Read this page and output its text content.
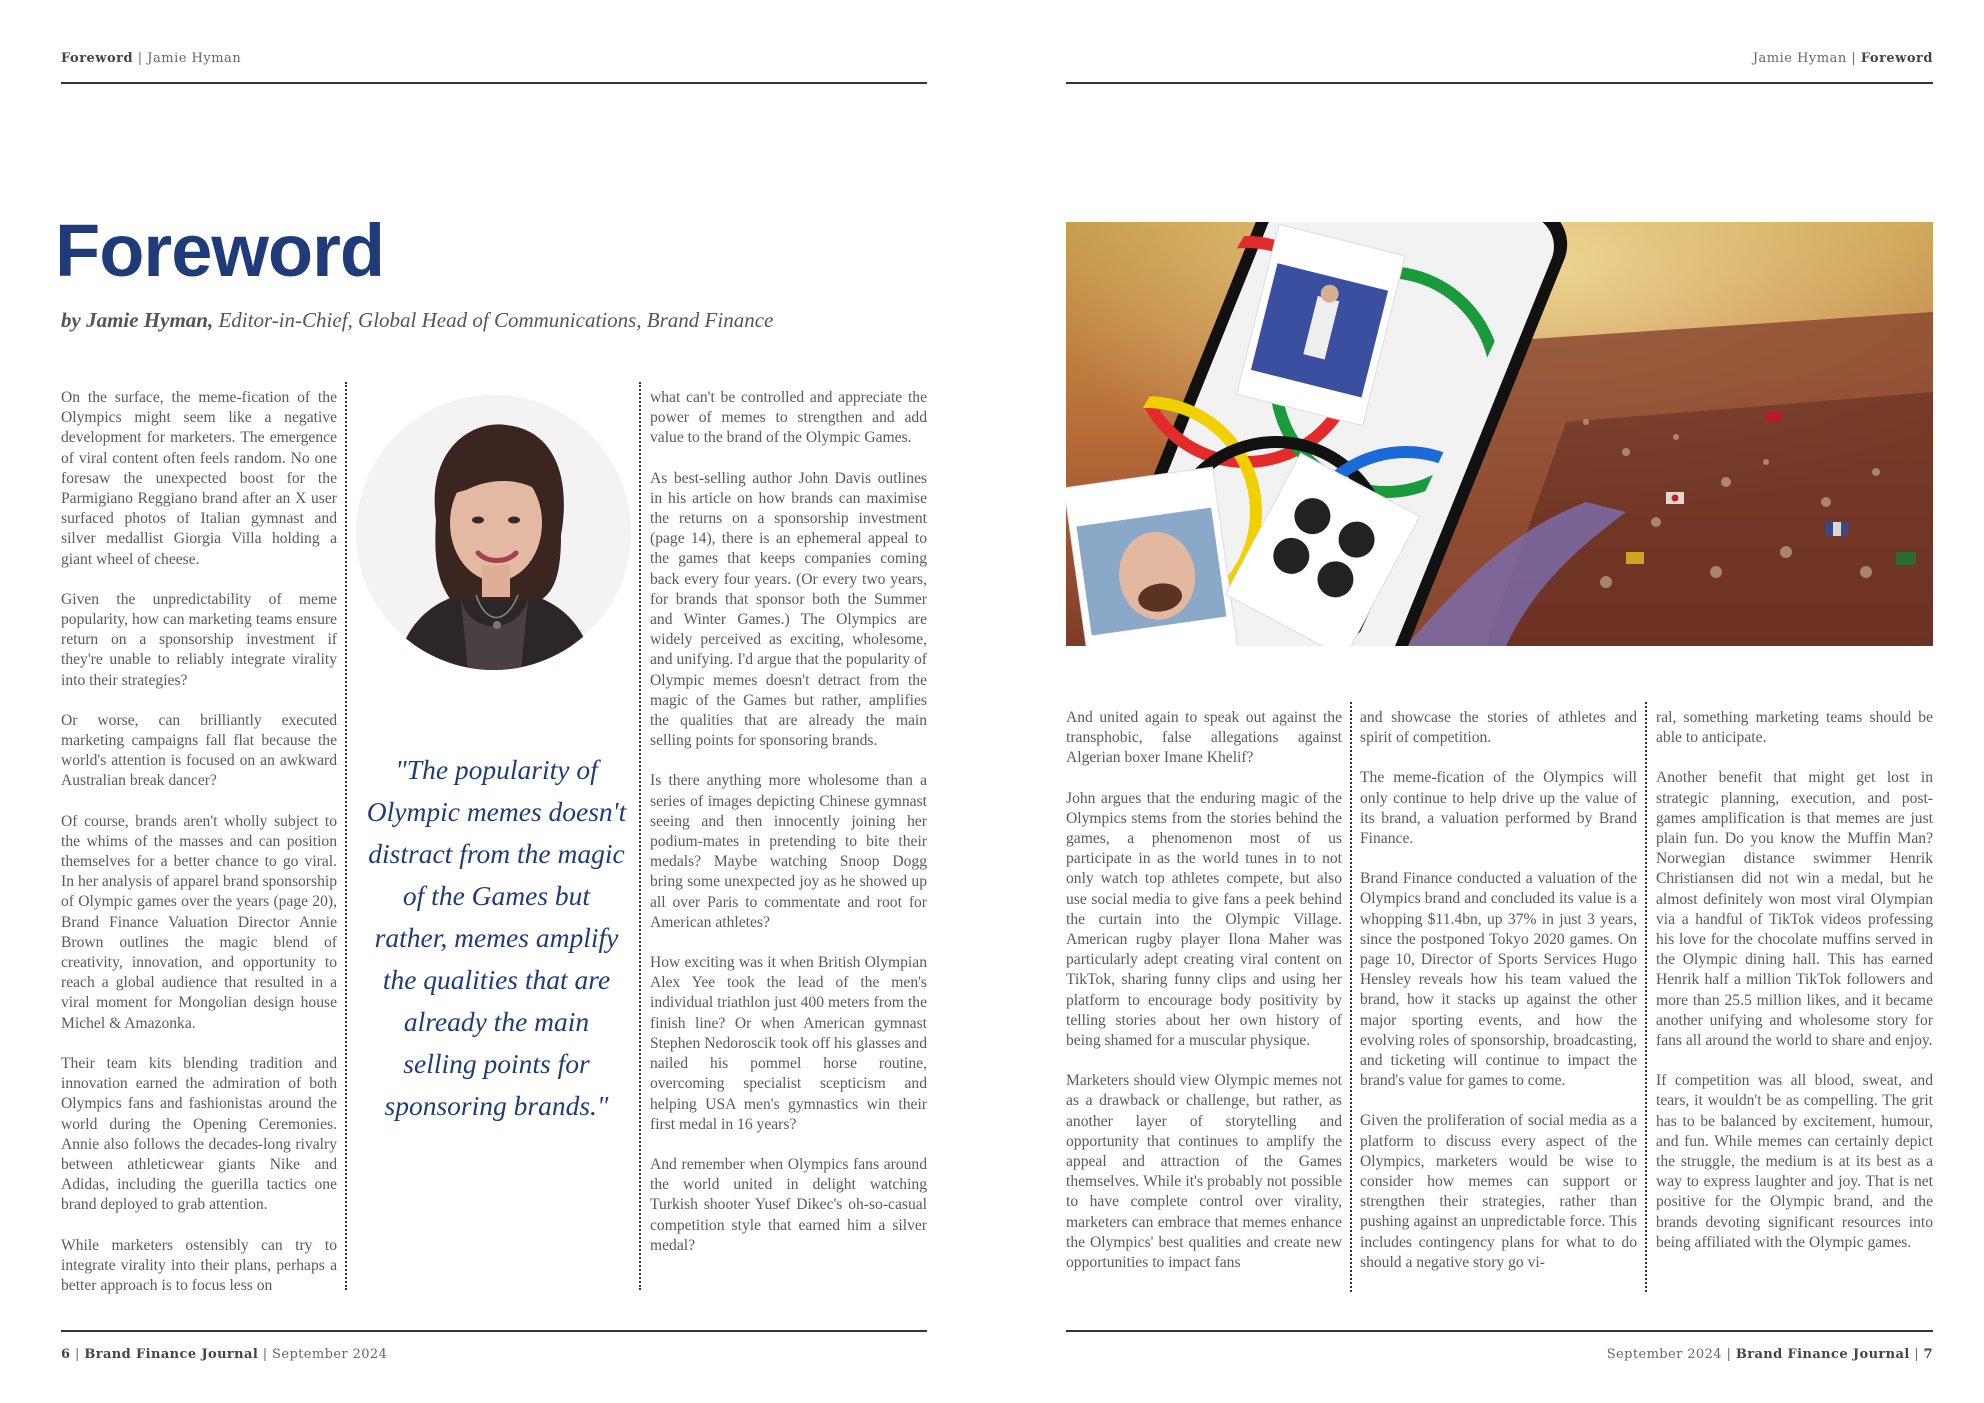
Foreword | Jamie Hyman
Foreword
by Jamie Hyman, Editor-in-Chief, Global Head of Communications, Brand Finance

On the surface, the meme-fication of the Olympics might seem like a negative development for marketers. The emergence of viral content often feels random. No one foresaw the unexpected boost for the Parmigiano Reggiano brand after an X user surfaced photos of Italian gymnast and silver medallist Giorgia Villa holding a giant wheel of cheese.

Given the unpredictability of meme popularity, how can marketing teams ensure return on a sponsorship investment if they're unable to reliably integrate virality into their strategies?

Or worse, can brilliantly executed marketing campaigns fall flat because the world's attention is focused on an awkward Australian break dancer?

Of course, brands aren't wholly subject to the whims of the masses and can position themselves for a better chance to go viral. In her analysis of apparel brand sponsorship of Olympic games over the years (page 20), Brand Finance Valuation Director Annie Brown outlines the magic blend of creativity, innovation, and opportunity to reach a global audience that resulted in a viral moment for Mongolian design house Michel & Amazonka.

Their team kits blending tradition and innovation earned the admiration of both Olympics fans and fashionistas around the world during the Opening Ceremonies. Annie also follows the decades-long rivalry between athleticwear giants Nike and Adidas, including the guerilla tactics one brand deployed to grab attention.

While marketers ostensibly can try to integrate virality into their plans, perhaps a better approach is to focus less on

"The popularity of Olympic memes doesn't distract from the magic of the Games but rather, memes amplify the qualities that are already the main selling points for sponsoring brands."

what can't be controlled and appreciate the power of memes to strengthen and add value to the brand of the Olympic Games.

As best-selling author John Davis outlines in his article on how brands can maximise the returns on a sponsorship investment (page 14), there is an ephemeral appeal to the games that keeps companies coming back every four years. (Or every two years, for brands that sponsor both the Summer and Winter Games.) The Olympics are widely perceived as exciting, wholesome, and unifying. I'd argue that the popularity of Olympic memes doesn't detract from the magic of the Games but rather, amplifies the qualities that are already the main selling points for sponsoring brands.

Is there anything more wholesome than a series of images depicting Chinese gymnast seeing and then innocently joining her podium-mates in pretending to bite their medals? Maybe watching Snoop Dogg bring some unexpected joy as he showed up all over Paris to commentate and root for American athletes?

How exciting was it when British Olympian Alex Yee took the lead of the men's individual triathlon just 400 meters from the finish line? Or when American gymnast Stephen Nedoroscik took off his glasses and nailed his pommel horse routine, overcoming specialist scepticism and helping USA men's gymnastics win their first medal in 16 years?

And remember when Olympics fans around the world united in delight watching Turkish shooter Yusef Dikec's oh-so-casual competition style that earned him a silver medal?

6 | Brand Finance Journal | September 2024
Jamie Hyman | Foreword

And united again to speak out against the transphobic, false allegations against Algerian boxer Imane Khelif?

John argues that the enduring magic of the Olympics stems from the stories behind the games, a phenomenon most of us participate in as the world tunes in to not only watch top athletes compete, but also use social media to give fans a peek behind the curtain into the Olympic Village. American rugby player Ilona Maher was particularly adept creating viral content on TikTok, sharing funny clips and using her platform to encourage body positivity by telling stories about her own history of being shamed for a muscular physique.

Marketers should view Olympic memes not as a drawback or challenge, but rather, as another layer of storytelling and opportunity that continues to amplify the appeal and attraction of the Games themselves. While it's probably not possible to have complete control over virality, marketers can embrace that memes enhance the Olympics' best qualities and create new opportunities to impact fans

and showcase the stories of athletes and spirit of competition.

The meme-fication of the Olympics will only continue to help drive up the value of its brand, a valuation performed by Brand Finance.

Brand Finance conducted a valuation of the Olympics brand and concluded its value is a whopping $11.4bn, up 37% in just 3 years, since the postponed Tokyo 2020 games. On page 10, Director of Sports Services Hugo Hensley reveals how his team valued the brand, how it stacks up against the other major sporting events, and how the evolving roles of sponsorship, broadcasting, and ticketing will continue to impact the brand's value for games to come.

Given the proliferation of social media as a platform to discuss every aspect of the Olympics, marketers would be wise to consider how memes can support or strengthen their strategies, rather than pushing against an unpredictable force. This includes contingency plans for what to do should a negative story go vi-

ral, something marketing teams should be able to anticipate.

Another benefit that might get lost in strategic planning, execution, and post-games amplification is that memes are just plain fun. Do you know the Muffin Man? Norwegian distance swimmer Henrik Christiansen did not win a medal, but he almost definitely won most viral Olympian via a handful of TikTok videos professing his love for the chocolate muffins served in the Olympic dining hall. This has earned Henrik half a million TikTok followers and more than 25.5 million likes, and it became another unifying and wholesome story for fans all around the world to share and enjoy.

If competition was all blood, sweat, and tears, it wouldn't be as compelling. The grit has to be balanced by excitement, humour, and fun. While memes can certainly depict the struggle, the medium is at its best as a way to express laughter and joy. That is net positive for the Olympic brand, and the brands devoting significant resources into being affiliated with the Olympic games.

September 2024 | Brand Finance Journal | 7
